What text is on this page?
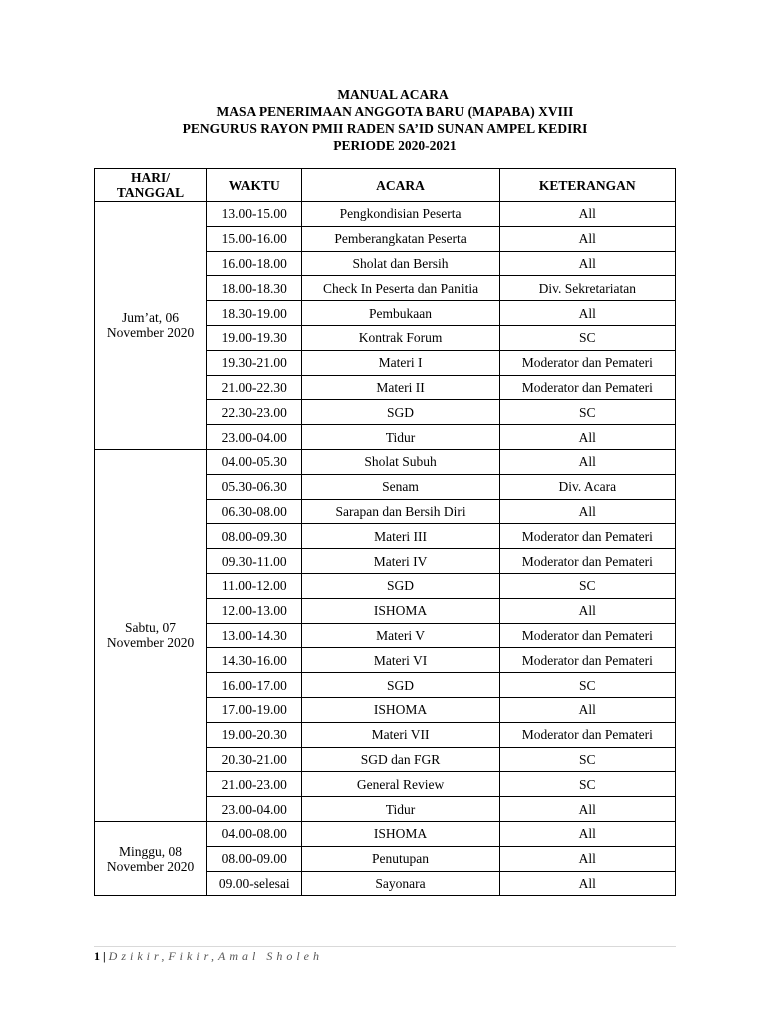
MANUAL ACARA
MASA PENERIMAAN ANGGOTA BARU (MAPABA) XVIII
PENGURUS RAYON PMII RADEN SA’ID SUNAN AMPEL KEDIRI
PERIODE 2020-2021
HARI/
TANGGAL	WAKTU	ACARA	KETERANGAN
Jum’at, 06
November 2020	13.00-15.00	Pengkondisian Peserta	All
	15.00-16.00	Pemberangkatan Peserta	All
	16.00-18.00	Sholat dan Bersih	All
	18.00-18.30	Check In Peserta dan Panitia	Div. Sekretariatan
	18.30-19.00	Pembukaan	All
	19.00-19.30	Kontrak Forum	SC
	19.30-21.00	Materi I	Moderator dan Pemateri
	21.00-22.30	Materi II	Moderator dan Pemateri
	22.30-23.00	SGD	SC
	23.00-04.00	Tidur	All
Sabtu, 07
November 2020	04.00-05.30	Sholat Subuh	All
	05.30-06.30	Senam	Div. Acara
	06.30-08.00	Sarapan dan Bersih Diri	All
	08.00-09.30	Materi III	Moderator dan Pemateri
	09.30-11.00	Materi IV	Moderator dan Pemateri
	11.00-12.00	SGD	SC
	12.00-13.00	ISHOMA	All
	13.00-14.30	Materi V	Moderator dan Pemateri
	14.30-16.00	Materi VI	Moderator dan Pemateri
	16.00-17.00	SGD	SC
	17.00-19.00	ISHOMA	All
	19.00-20.30	Materi VII	Moderator dan Pemateri
	20.30-21.00	SGD dan FGR	SC
	21.00-23.00	General Review	SC
	23.00-04.00	Tidur	All
Minggu, 08
November 2020	04.00-08.00	ISHOMA	All
	08.00-09.00	Penutupan	All
	09.00-selesai	Sayonara	All
1 | Dzikir,Fikir,Amal Sholeh
